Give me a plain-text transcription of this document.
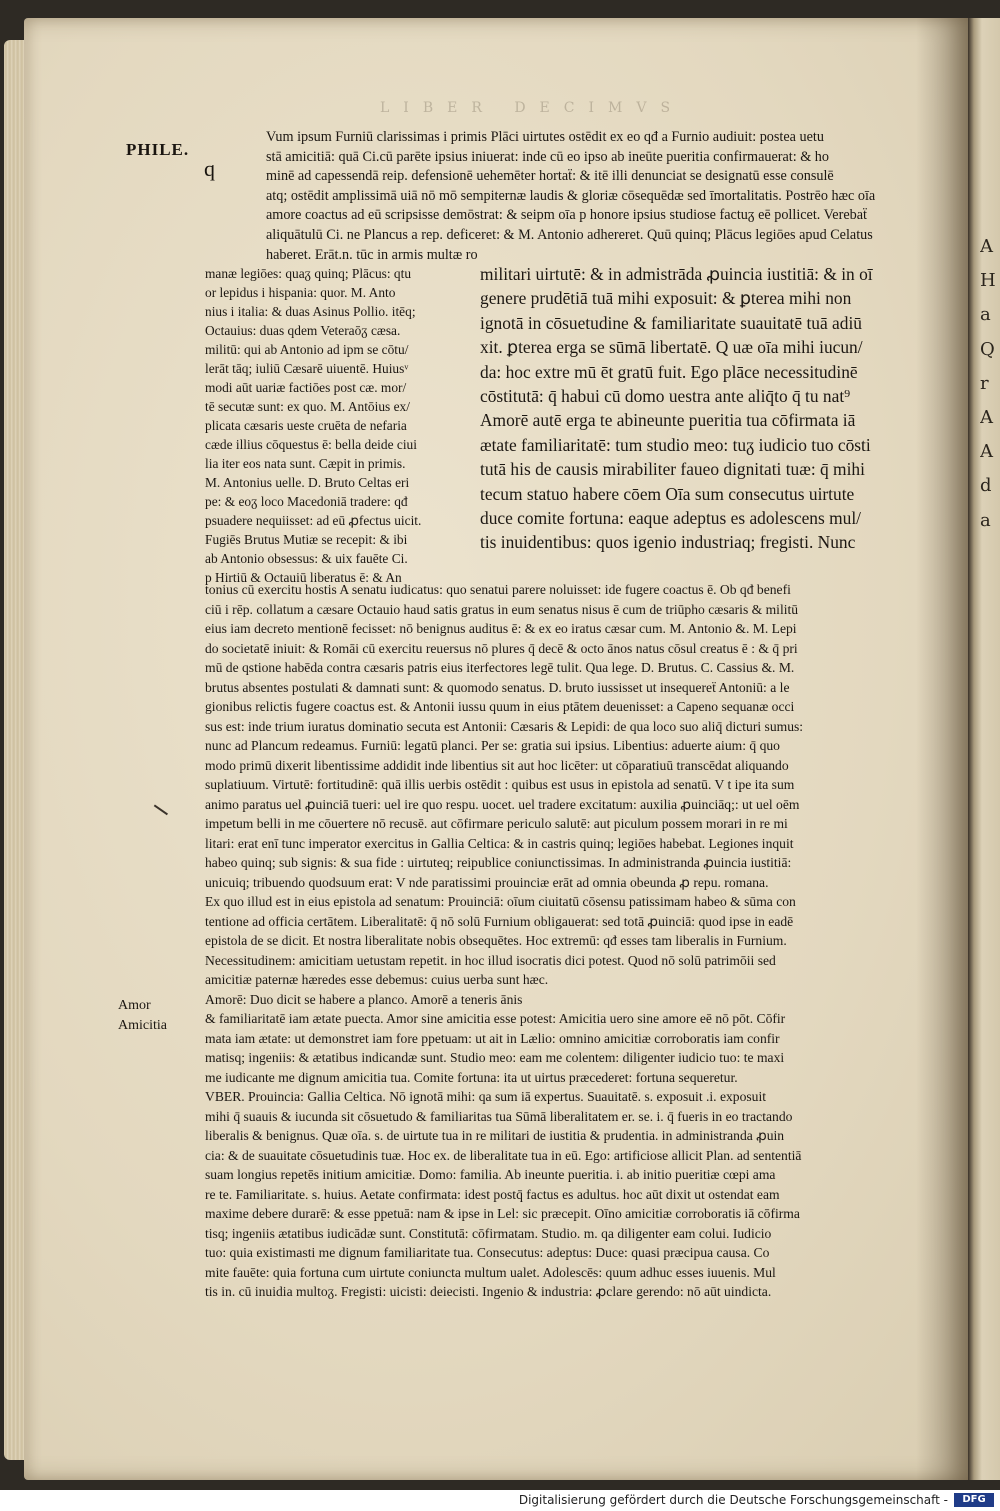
A
H
a
Q
r
A
A
d
a
LIBER DECIMVS
PHILE.
q
Vum ipsum Furniū clarissimas i primis Plāci uirtutes ostēdit ex eo qđ a Furnio audiuit: postea uetu
stā amicitiā: quā Ci.cū parēte ipsius iniuerat: inde cū eo ipso ab ineūte pueritia confirmauerat: & ho
minē ad capessendā reip. defensionē uehemēter hortaẗ: & itē illi denunciat se designatū esse consulē
atq; ostēdit amplissimā uiā nō mō sempiternæ laudis & gloriæ cōsequēdæ sed īmortalitatis. Postrēo hæc oīa
amore coactus ad eū scripsisse demōstrat: & seipm oīa p honore ipsius studiose factuᵹ eē pollicet. Verebaẗ
aliquātulū Ci. ne Plancus a rep. deficeret: & M. Antonio adhereret. Quū quinq; Plācus legiōes apud Celatus
haberet. Erāt.n. tūc in armis multæ ro
manæ legiōes: quaᵹ quinq; Plācus: qtu
or lepidus i hispania: quor. M. Anto
nius i italia: & duas Asinus Pollio. itēq;
Octauius: duas qdem Veteraōᵹ cæsa.
militū: qui ab Antonio ad ipm se cōtu/
lerāt tāq; iuliū Cæsarē uiuentē. Huiusᵛ
modi aūt uariæ factiōes post cæ. mor/
tē secutæ sunt: ex quo. M. Antōius ex/
plicata cæsaris ueste cruēta de nefaria
cæde illius cōquestus ē: bella deide ciui
lia iter eos nata sunt. Cæpit in primis.
M. Antonius uelle. D. Bruto Celtas eri
pe: & eoᵹ loco Macedoniā tradere: qđ
psuadere nequiisset: ad eū ꝓfectus uicit.
Fugiēs Brutus Mutiæ se recepit: & ibi
ab Antonio obsessus: & uix fauēte Ci.
p Hirtiū & Octauiū liberatus ē: & An
militari uirtutē: & in admistrāda ꝓuincia iustitiā: & in oī
genere prudētiā tuā mihi exposuit: & ꝑterea mihi non
ignotā in cōsuetudine & familiaritate suauitatē tuā adiū
xit. ꝑterea erga se sūmā libertatē. Q uæ oīa mihi iucun/
da: hoc extre mū ēt gratū fuit. Ego plāce necessitudinē
cōstitutā: q̄ habui cū domo uestra ante aliq̄to q̄ tu nat⁹
Amorē autē erga te abineunte pueritia tua cōfirmata iā
ætate familiaritatē: tum studio meo: tuᵹ iudicio tuo cōsti
tutā his de causis mirabiliter faueo dignitati tuæ: q̄ mihi
tecum statuo habere cōem Oīa sum consecutus uirtute
duce comite fortuna: eaque adeptus es adolescens mul/
tis inuidentibus: quos igenio industriaq; fregisti. Nunc
tonius cū exercitu hostis A senatu iudicatus: quo senatui parere noluisset: ide fugere coactus ē. Ob qđ benefi
ciū i rēp. collatum a cæsare Octauio haud satis gratus in eum senatus nisus ē cum de triūpho cæsaris & militū
eius iam decreto mentionē fecisset: nō benignus auditus ē: & ex eo iratus cæsar cum. M. Antonio &. M. Lepi
do societatē iniuit: & Romāi cū exercitu reuersus nō plures q̄ decē & octo ānos natus cōsul creatus ē : & q̄ pri
mū de qstione habēda contra cæsaris patris eius iterfectores legē tulit. Qua lege. D. Brutus. C. Cassius &. M.
brutus absentes postulati & damnati sunt: & quomodo senatus. D. bruto iussisset ut insequereẗ Antoniū: a le
gionibus relictis fugere coactus est. & Antonii iussu quum in eius ptātem deuenisset: a Capeno sequanæ occi
sus est: inde trium iuratus dominatio secuta est Antonii: Cæsaris & Lepidi: de qua loco suo aliq̄ dicturi sumus:
nunc ad Plancum redeamus. Furniū: legatū planci. Per se: gratia sui ipsius. Libentius: aduerte aium: q̄ quo
modo primū dixerit libentissime addidit inde libentius sit aut hoc licēter: ut cōparatiuū transcēdat aliquando
suplatiuum. Virtutē: fortitudinē: quā illis uerbis ostēdit : quibus est usus in epistola ad senatū. V t ipe ita sum
animo paratus uel ꝓuinciā tueri: uel ire quo respu. uocet. uel tradere excitatum: auxilia ꝓuinciāq;: ut uel oēm
impetum belli in me cōuertere nō recusē. aut cōfirmare periculo salutē: aut piculum possem morari in re mi
litari: erat enī tunc imperator exercitus in Gallia Celtica: & in castris quinq; legiōes habebat. Legiones inquit
habeo quinq; sub signis: & sua fide : uirtuteq; reipublice coniunctissimas. In administranda ꝓuincia iustitiā:
unicuiq; tribuendo quodsuum erat: V nde paratissimi prouinciæ erāt ad omnia obeunda ꝓ repu. romana.
Ex quo illud est in eius epistola ad senatum: Prouinciā: oīum ciuitatū cōsensu patissimam habeo & sūma con
tentione ad officia certātem. Liberalitatē: q̄ nō solū Furnium obligauerat: sed totā ꝓuinciā: quod ipse in eadē
epistola de se dicit. Et nostra liberalitate nobis obsequētes. Hoc extremū: qđ esses tam liberalis in Furnium.
Necessitudinem: amicitiam uetustam repetit. in hoc illud isocratis dici potest. Quod nō solū patrimōii sed
amicitiæ paternæ hæredes esse debemus: cuius uerba sunt hæc.
Amorē: Duo dicit se habere a planco. Amorē a teneris ānis
& familiaritatē iam ætate puecta. Amor sine amicitia esse potest: Amicitia uero sine amore eē nō pōt. Cōfir
mata iam ætate: ut demonstret iam fore ppetuam: ut ait in Lælio: omnino amicitiæ corroboratis iam confir
matisq; ingeniis: & ætatibus indicandæ sunt. Studio meo: eam me colentem: diligenter iudicio tuo: te maxi
me iudicante me dignum amicitia tua. Comite fortuna: ita ut uirtus præcederet: fortuna sequeretur.
VBER. Prouincia: Gallia Celtica. Nō ignotā mihi: qa sum iā expertus. Suauitatē. s. exposuit .i. exposuit
mihi q̄ suauis & iucunda sit cōsuetudo & familiaritas tua Sūmā liberalitatem er. se. i. q̄ fueris in eo tractando
liberalis & benignus. Quæ oīa. s. de uirtute tua in re militari de iustitia & prudentia. in administranda ꝓuin
cia: & de suauitate cōsuetudinis tuæ. Hoc ex. de liberalitate tua in eū. Ego: artificiose allicit Plan. ad sententiā
suam longius repetēs initium amicitiæ. Domo: familia. Ab ineunte pueritia. i. ab initio pueritiæ cœpi ama
re te. Familiaritate. s. huius. Aetate confirmata: idest postq̄ factus es adultus. hoc aūt dixit ut ostendat eam
maxime debere durarē: & esse ppetuā: nam & ipse in Lel: sic præcepit. Oīno amicitiæ corroboratis iā cōfirma
tisq; ingeniis ætatibus iudicādæ sunt. Constitutā: cōfirmatam. Studio. m. qa diligenter eam colui. Iudicio
tuo: quia existimasti me dignum familiaritate tua. Consecutus: adeptus: Duce: quasi præcipua causa. Co
mite fauēte: quia fortuna cum uirtute coniuncta multum ualet. Adolescēs: quum adhuc esses iuuenis. Mul
tis in. cū inuidia multoᵹ. Fregisti: uicisti: deiecisti. Ingenio & industria: ꝓclare gerendo: nō aūt uindicta.
Amor
Amicitia
Digitalisierung gefördert durch die Deutsche Forschungsgemeinschaft -	DFG
